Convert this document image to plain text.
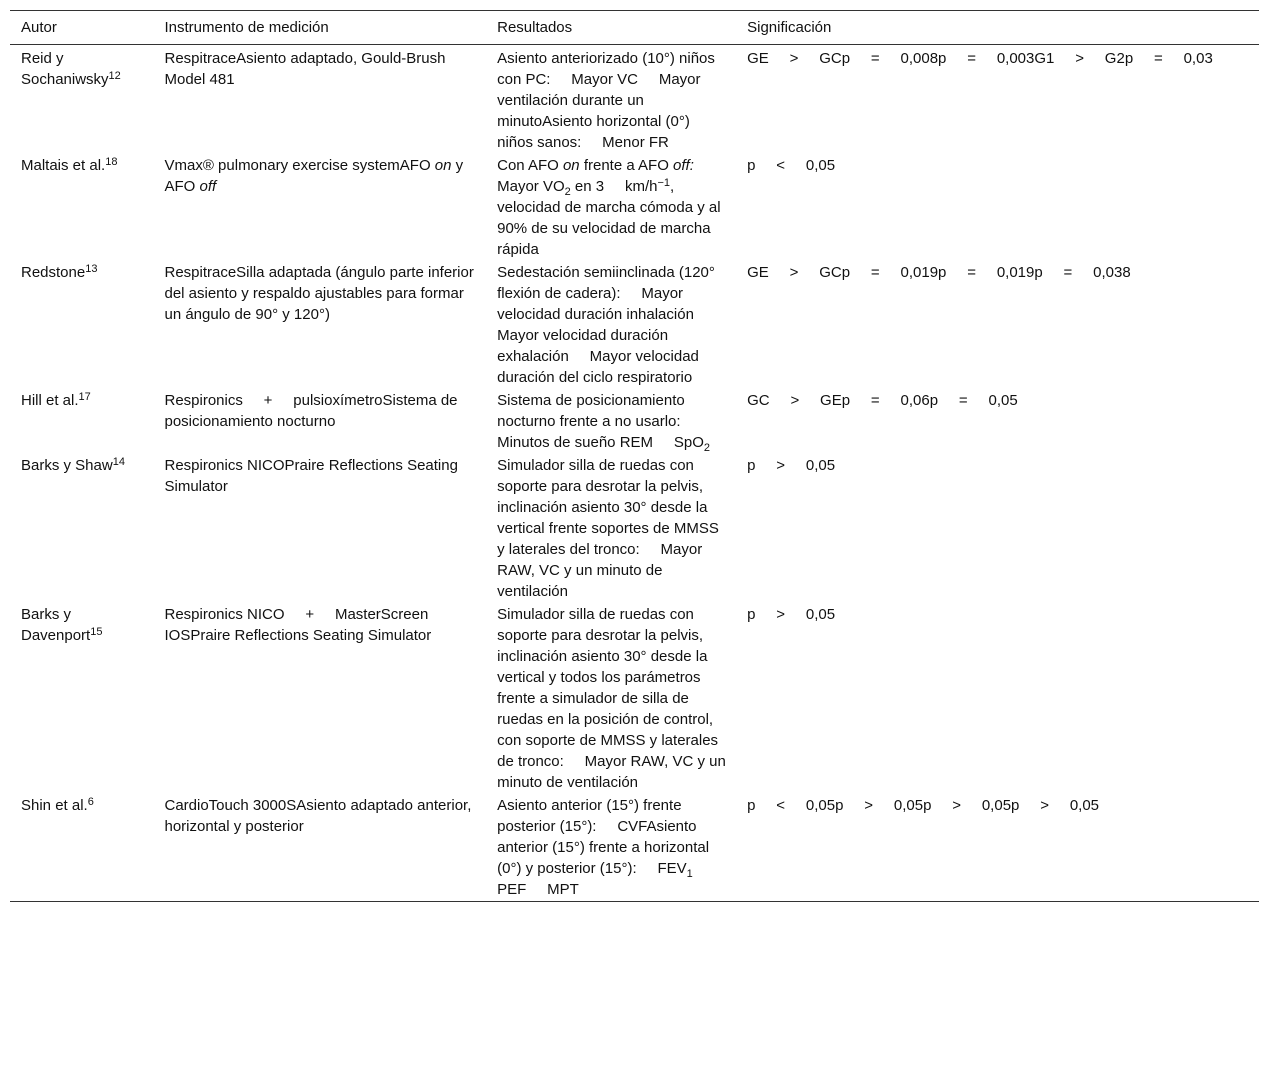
Autor	Instrumento de medición	Resultados	Significación
Reid y Sochaniwsky$^{12}$	RespitraceAsiento adaptado, Gould-Brush Model 481	Asiento anteriorizado (10°) niños con PC:     Mayor VC     Mayor ventilación durante un minutoAsiento horizontal (0°) niños sanos:     Menor FR	GE     >     GCp     =     0,008p     =     0,003G1     >     G2p     =     0,03
Maltais et al.$^{18}$	Vmax® pulmonary exercise systemAFO on y AFO off	Con AFO on frente a AFO off:     Mayor $VO_2$ en 3     $km/h^{-1}$, velocidad de marcha cómoda y al 90% de su velocidad de marcha rápida	p     <     0,05
Redstone$^{13}$	RespitraceSilla adaptada (ángulo parte inferior del asiento y respaldo ajustables para formar un ángulo de 90° y 120°)	Sedestación semiinclinada (120° flexión de cadera):     Mayor velocidad duración inhalación     Mayor velocidad duración exhalación     Mayor velocidad duración del ciclo respiratorio	GE     >     GCp     =     0,019p     =     0,019p     =     0,038
Hill et al.$^{17}$	Respironics     +     pulsioxímetroSistema de posicionamiento nocturno	Sistema de posicionamiento nocturno frente a no usarlo:     Minutos de sueño REM     SpO$_2$	GC     >     GEp     =     0,06p     =     0,05
Barks y Shaw$^{14}$	Respironics NICOPraire Reflections Seating Simulator	Simulador silla de ruedas con soporte para desrotar la pelvis, inclinación asiento 30° desde la vertical frente soportes de MMSS y laterales del tronco:     Mayor RAW, VC y un minuto de ventilación	p     >     0,05
Barks y Davenport$^{15}$	Respironics NICO     +     MasterScreen IOSPraire Reflections Seating Simulator	Simulador silla de ruedas con soporte para desrotar la pelvis, inclinación asiento 30° desde la vertical y todos los parámetros frente a simulador de silla de ruedas en la posición de control, con soporte de MMSS y laterales de tronco:     Mayor RAW, VC y un minuto de ventilación	p     >     0,05
Shin et al.$^6$	CardioTouch 3000SAsiento adaptado anterior, horizontal y posterior	Asiento anterior (15°) frente posterior (15°):     CVFAsiento anterior (15°) frente a horizontal (0°) y posterior (15°):     $FEV_1$     PEF     MPT	p     <     0,05p     >     0,05p     >     0,05p     >     0,05
